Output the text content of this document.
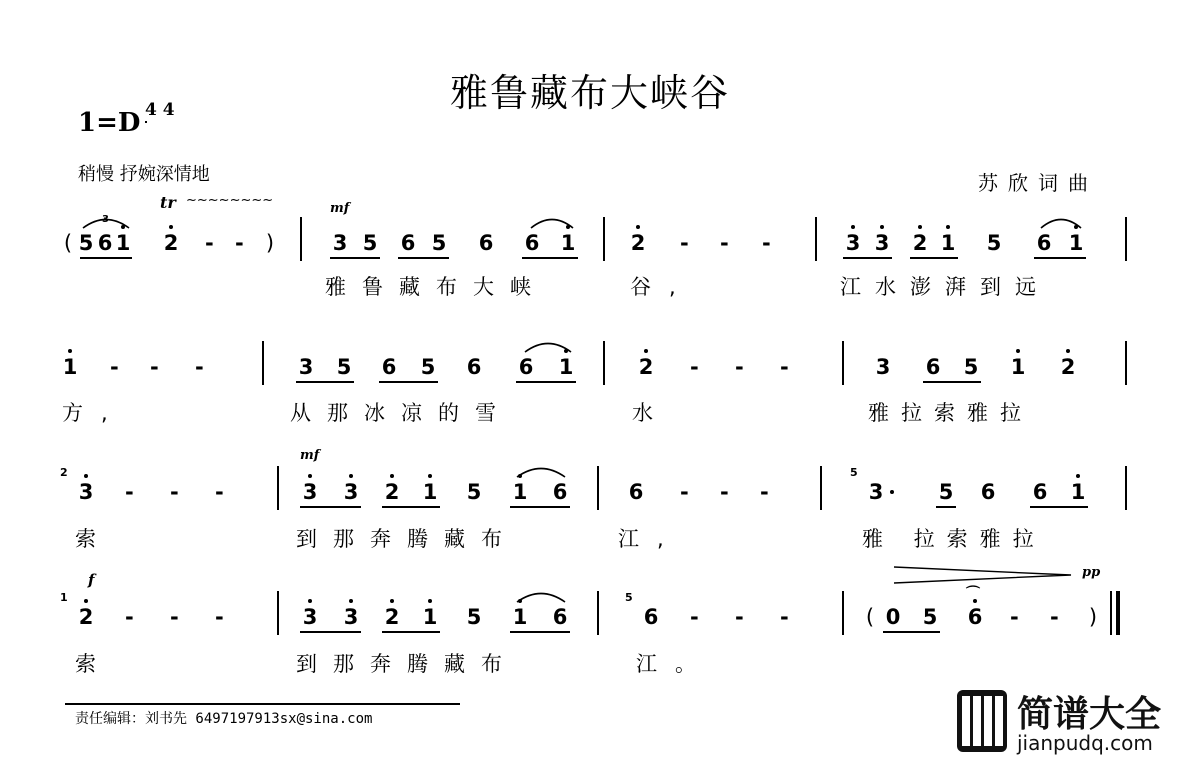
雅鲁藏布大峡谷
1=D 4 4
稍慢 抒婉深情地	苏欣词曲
( 5 6 1
3
tr ~~~~~~~~
2 - - )
mf
3 5 6 5 6 6 1	2 - - -	3 3 2 1 5 6 1
雅鲁藏布大峡	谷,	江水澎湃到远
1 - - -	3 5 6 5 6 6 1	2 - - -	3 6 5 1 2
方,	从那冰凉的雪	水	雅拉索雅拉
2
3 - - -
mf
3 3 2 1 5 1 6	6 - - -
5
3	5 6 6 1
索	到那奔腾藏布	江,	雅 拉索雅拉
f
1
2 - - -	3 3 2 1 5 1 6
5
6 - - -	( 0 5 6
⌒
- - )
pp
索	到那奔腾藏布	江。
责任编辑：刘书先 6497197913sx@sina.com	简谱大全
jianpudq.com
